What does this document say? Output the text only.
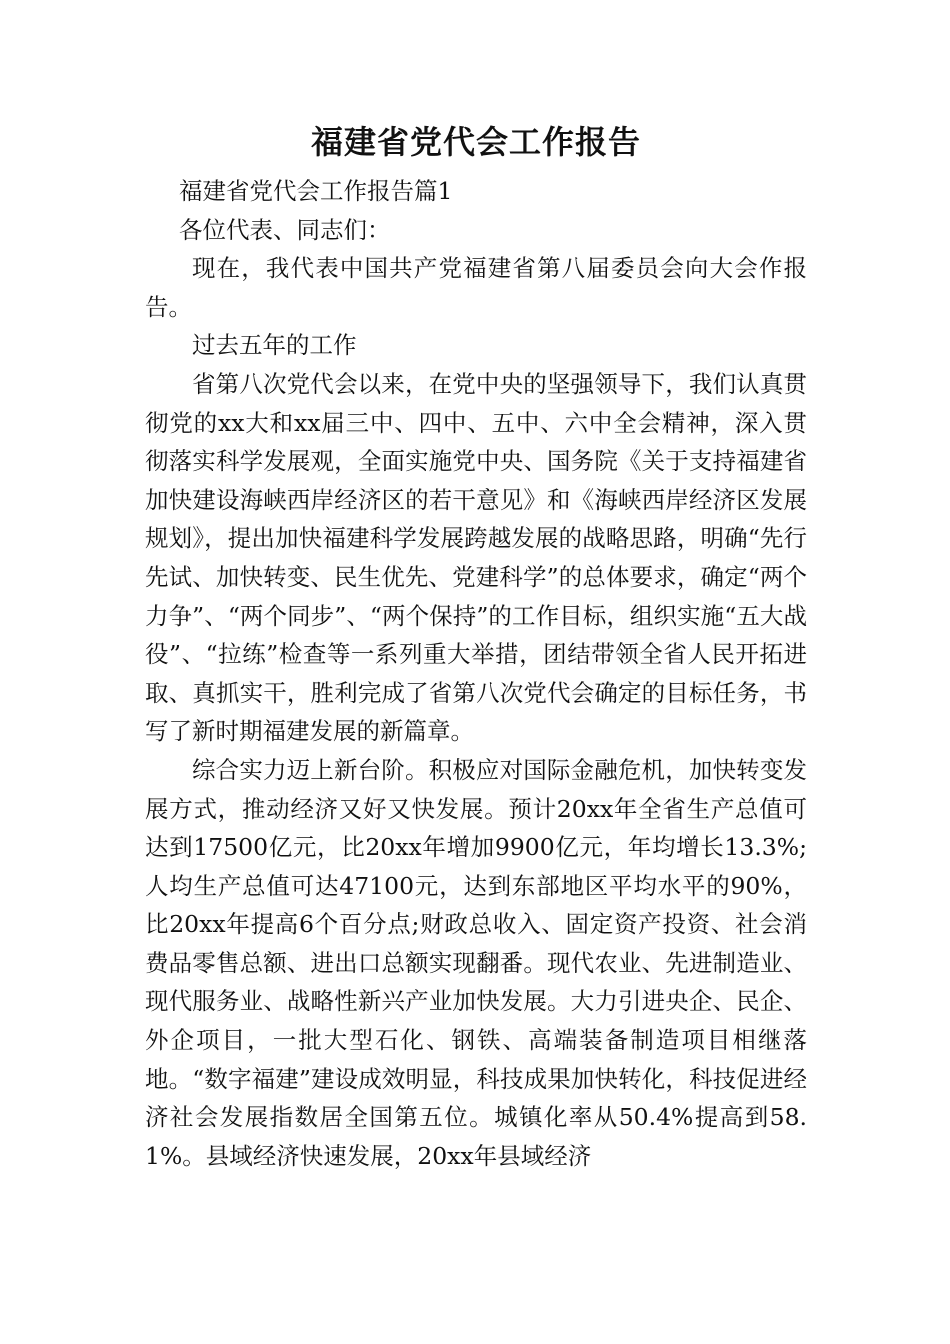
福建省党代会工作报告

福建省党代会工作报告篇1

各位代表、同志们：

现在，我代表中国共产党福建省第八届委员会向大会作报告。

过去五年的工作

省第八次党代会以来，在党中央的坚强领导下，我们认真贯彻党的xx大和xx届三中、四中、五中、六中全会精神，深入贯彻落实科学发展观，全面实施党中央、国务院《关于支持福建省加快建设海峡西岸经济区的若干意见》和《海峡西岸经济区发展规划》，提出加快福建科学发展跨越发展的战略思路，明确“先行先试、加快转变、民生优先、党建科学”的总体要求，确定“两个力争”、“两个同步”、“两个保持”的工作目标，组织实施“五大战役”、“拉练”检查等一系列重大举措，团结带领全省人民开拓进取、真抓实干，胜利完成了省第八次党代会确定的目标任务，书写了新时期福建发展的新篇章。

综合实力迈上新台阶。积极应对国际金融危机，加快转变发展方式，推动经济又好又快发展。预计20xx年全省生产总值可达到17500亿元，比20xx年增加9900亿元，年均增长13.3%;人均生产总值可达47100元，达到东部地区平均水平的90%，比20xx年提高6个百分点;财政总收入、固定资产投资、社会消费品零售总额、进出口总额实现翻番。现代农业、先进制造业、现代服务业、战略性新兴产业加快发展。大力引进央企、民企、外企项目，一批大型石化、钢铁、高端装备制造项目相继落地。“数字福建”建设成效明显，科技成果加快转化，科技促进经济社会发展指数居全国第五位。城镇化率从50.4%提高到58.1%。县域经济快速发展，20xx年县域经济
